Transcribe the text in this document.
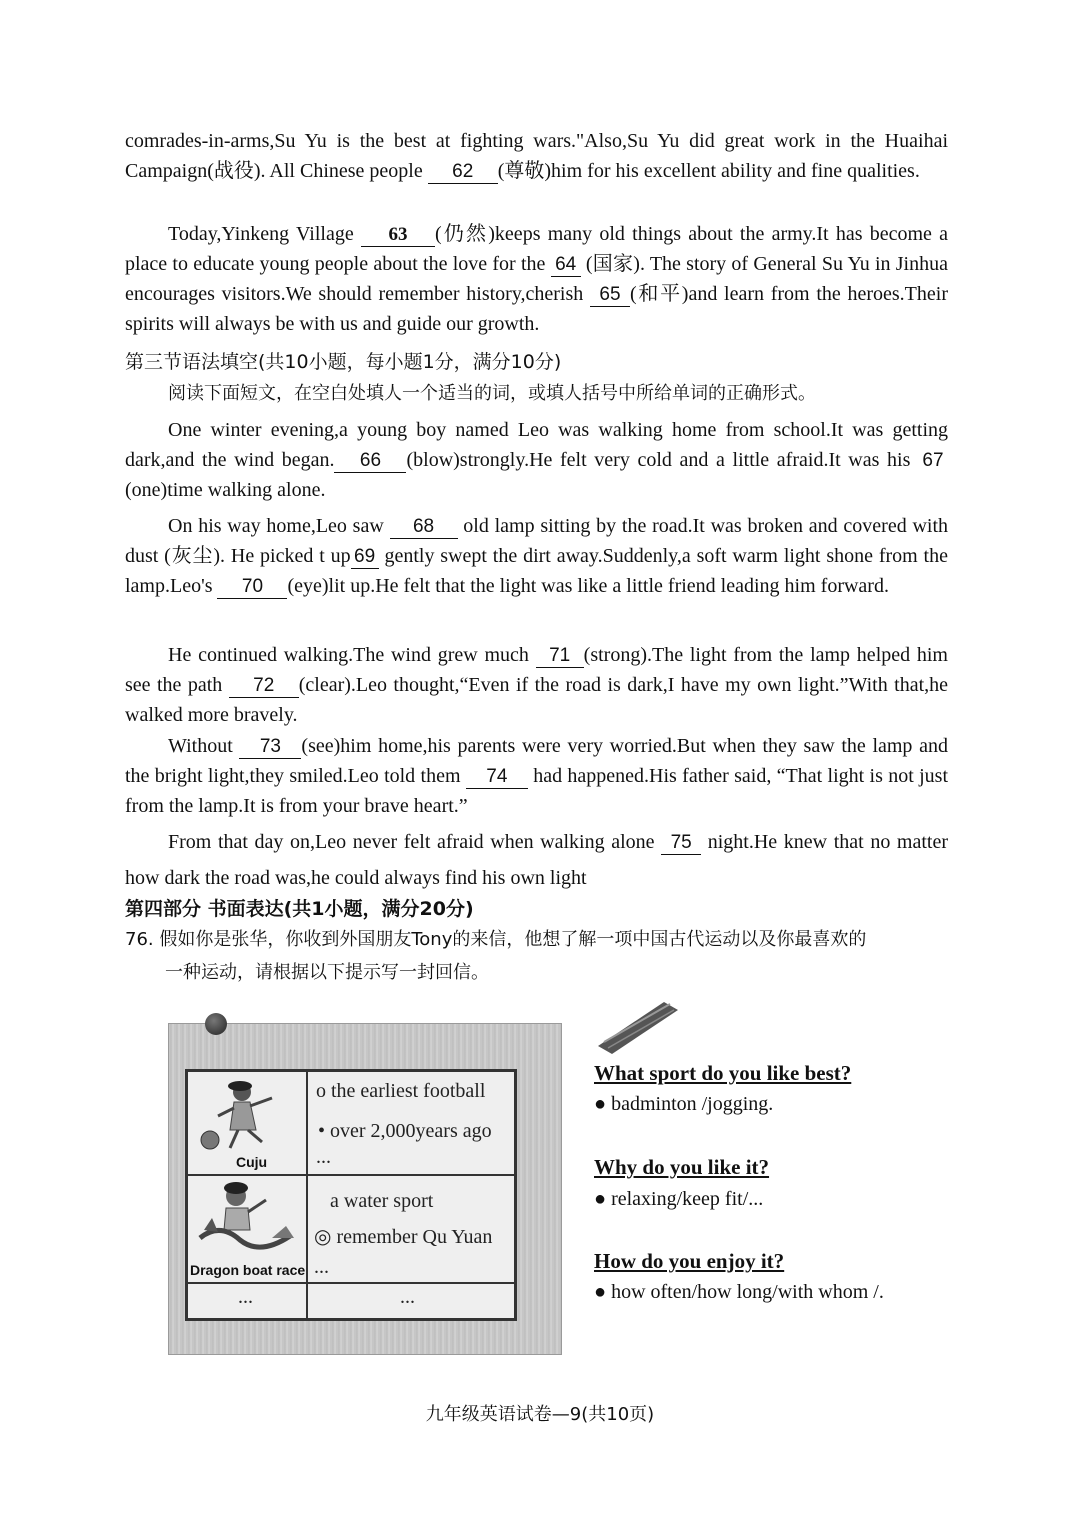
comrades-in-arms,Su Yu is the best at fighting wars."Also,Su Yu did great work in the Huaihai Campaign(战役). All Chinese people 62 (尊敬)him for his excellent ability and fine qualities.

Today,Yinkeng Village 63 (仍然)keeps many old things about the army.It has become a place to educate young people about the love for the 64 (国家). The story of General Su Yu in Jinhua encourages visitors.We should remember history,cherish 65 (和平)and learn from the heroes.Their spirits will always be with us and guide our growth.

第三节语法填空(共10小题，每小题1分，满分10分)
阅读下面短文，在空白处填人一个适当的词，或填人括号中所给单词的正确形式。

One winter evening,a young boy named Leo was walking home from school.It was getting dark,and the wind began. 66 (blow)strongly.He felt very cold and a little afraid.It was his 67 (one)time walking alone.

On his way home,Leo saw 68 old lamp sitting by the road.It was broken and covered with dust (灰尘). He picked t up 69 gently swept the dirt away.Suddenly,a soft warm light shone from the lamp.Leo's 70 (eye)lit up.He felt that the light was like a little friend leading him forward.

He continued walking.The wind grew much 71 (strong).The light from the lamp helped him see the path 72 (clear).Leo thought,“Even if the road is dark,I have my own light.”With that,he walked more bravely.

Without 73 (see)him home,his parents were very worried.But when they saw the lamp and the bright light,they smiled.Leo told them 74 had happened.His father said, “That light is not just from the lamp.It is from your brave heart.”

From that day on,Leo never felt afraid when walking alone 75 night.He knew that no matter how dark the road was,he could always find his own light

第四部分 书面表达(共1小题，满分20分)
76. 假如你是张华，你收到外国朋友Tony的来信，他想了解一项中国古代运动以及你最喜欢的
一种运动，请根据以下提示写一封回信。
Cuju
o the earliest football
• over 2,000years ago
...
Dragon boat race
a water sport
◎ remember Qu Yuan
...
...	...
What sport do you like best?
● badminton /jogging.
Why do you like it?
● relaxing/keep fit/...
How do you enjoy it?
● how often/how long/with whom /.
九年级英语试卷—9(共10页)
